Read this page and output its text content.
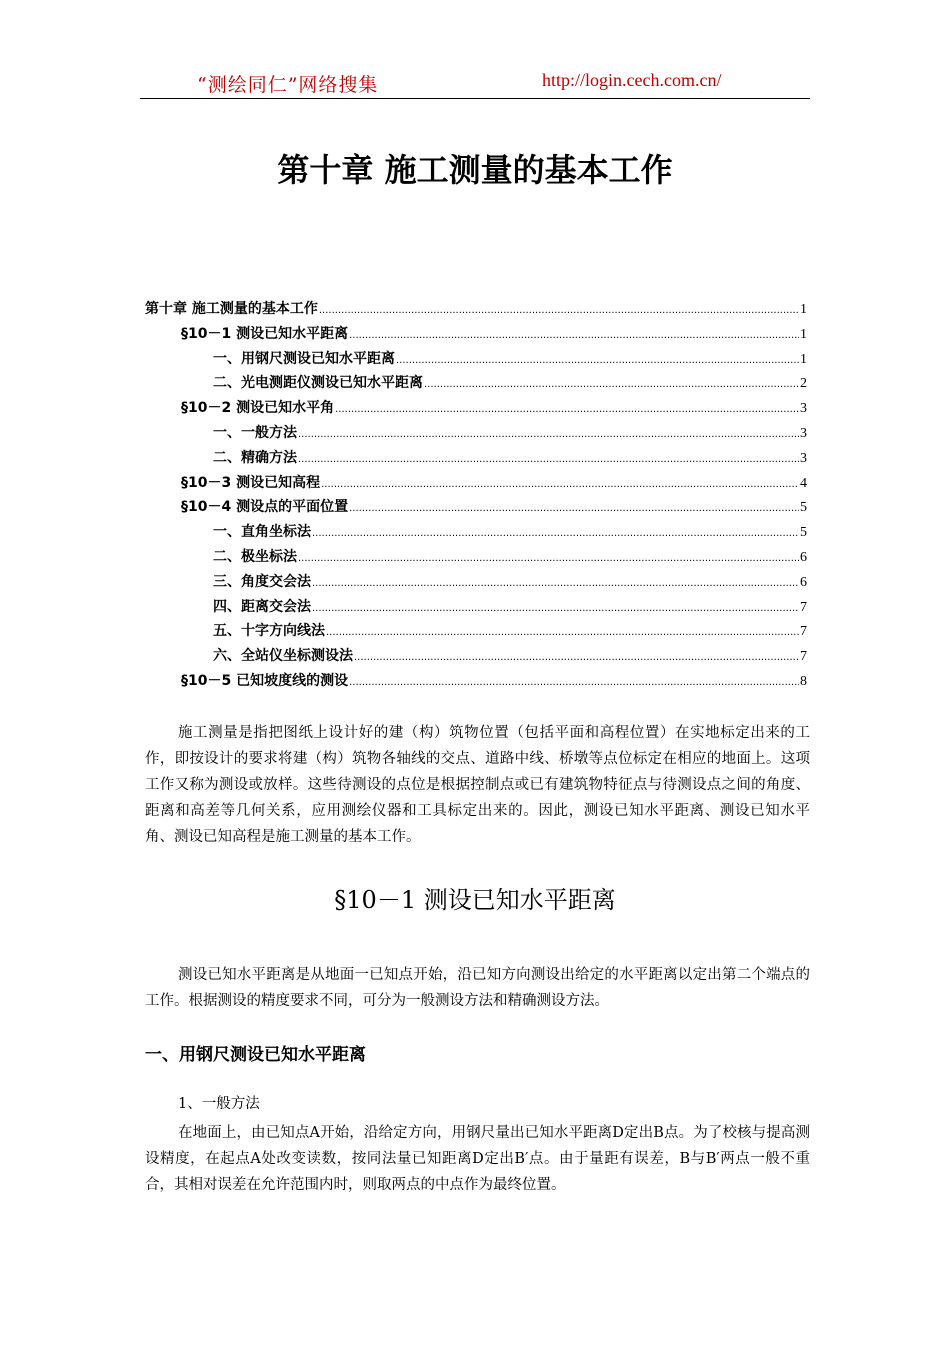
“测绘同仁”网络搜集	http://login.cech.com.cn/
第十章 施工测量的基本工作
第十章 施工测量的基本工作 .....	1
§10－1 测设已知水平距离 .....	1
一、用钢尺测设已知水平距离 .....	1
二、光电测距仪测设已知水平距离 .....	2
§10－2 测设已知水平角 .....	3
一、一般方法 .....	3
二、精确方法 .....	3
§10－3 测设已知高程 .....	4
§10－4 测设点的平面位置 .....	5
一、直角坐标法 .....	5
二、极坐标法 .....	6
三、角度交会法 .....	6
四、距离交会法 .....	7
五、十字方向线法 .....	7
六、全站仪坐标测设法 .....	7
§10－5 已知坡度线的测设 .....	8
施工测量是指把图纸上设计好的建（构）筑物位置（包括平面和高程位置）在实地标定出来的工作，即按设计的要求将建（构）筑物各轴线的交点、道路中线、桥墩等点位标定在相应的地面上。这项工作又称为测设或放样。这些待测设的点位是根据控制点或已有建筑物特征点与待测设点之间的角度、距离和高差等几何关系，应用测绘仪器和工具标定出来的。因此，测设已知水平距离、测设已知水平角、测设已知高程是施工测量的基本工作。
§10－1 测设已知水平距离
测设已知水平距离是从地面一已知点开始，沿已知方向测设出给定的水平距离以定出第二个端点的工作。根据测设的精度要求不同，可分为一般测设方法和精确测设方法。
一、用钢尺测设已知水平距离
1、一般方法
在地面上，由已知点A开始，沿给定方向，用钢尺量出已知水平距离D定出B点。为了校核与提高测设精度，在起点A处改变读数，按同法量已知距离D定出B′点。由于量距有误差，B与B′两点一般不重合，其相对误差在允许范围内时，则取两点的中点作为最终位置。
